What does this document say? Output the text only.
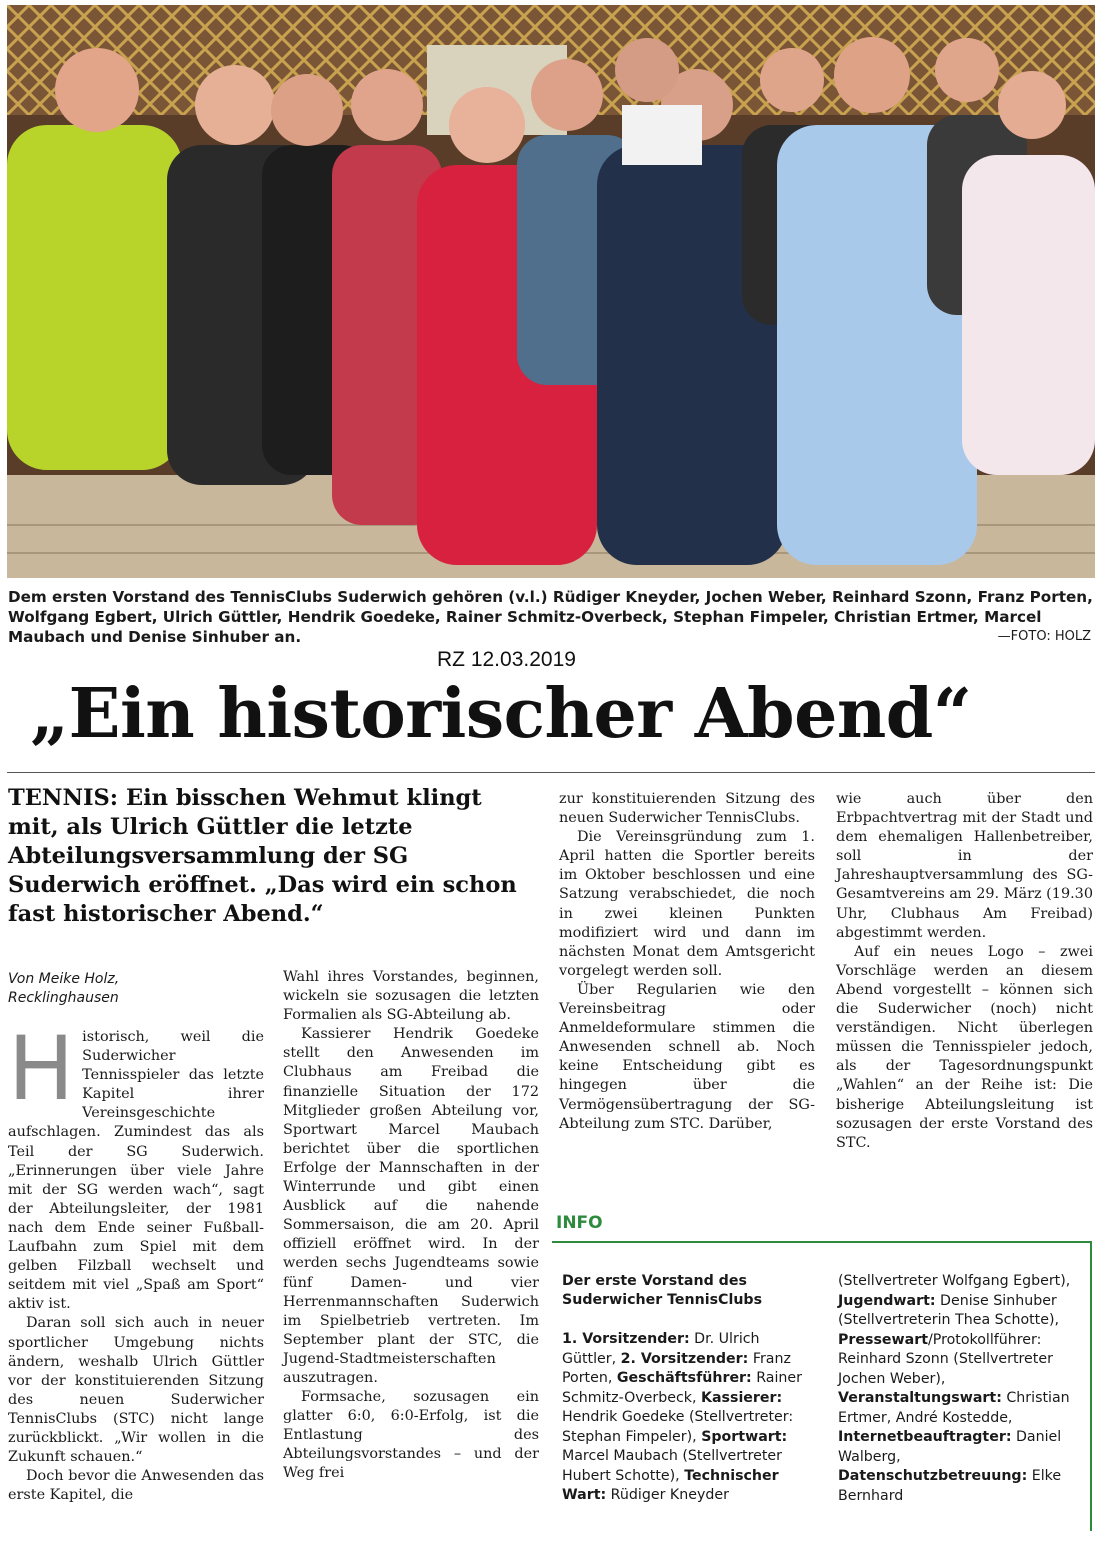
Dem ersten Vorstand des TennisClubs Suderwich gehören (v.l.) Rüdiger Kneyder, Jochen Weber, Reinhard Szonn, Franz Porten, Wolfgang Egbert, Ulrich Güttler, Hendrik Goedeke, Rainer Schmitz-Overbeck, Stephan Fimpeler, Christian Ertmer, Marcel Maubach und Denise Sinhuber an.	—FOTO: HOLZ
RZ 12.03.2019
„Ein historischer Abend“
TENNIS: Ein bisschen Wehmut klingt mit, als Ulrich Güttler die letzte Abteilungsversammlung der SG Suderwich eröffnet. „Das wird ein schon fast historischer Abend.“
Von Meike Holz,
Recklinghausen

Historisch, weil die Suderwicher Tennisspieler das letzte Kapitel ihrer Vereinsgeschichte aufschlagen. Zumindest das als Teil der SG Suderwich. „Erinnerungen über viele Jahre mit der SG werden wach“, sagt der Abteilungsleiter, der 1981 nach dem Ende seiner Fußball-Laufbahn zum Spiel mit dem gelben Filzball wechselt und seitdem mit viel „Spaß am Sport“ aktiv ist.

Daran soll sich auch in neuer sportlicher Umgebung nichts ändern, weshalb Ulrich Güttler vor der konstituierenden Sitzung des neuen Suderwicher TennisClubs (STC) nicht lange zurückblickt. „Wir wollen in die Zukunft schauen.“

Doch bevor die Anwesenden das erste Kapitel, die

Wahl ihres Vorstandes, beginnen, wickeln sie sozusagen die letzten Formalien als SG-Abteilung ab.

Kassierer Hendrik Goedeke stellt den Anwesenden im Clubhaus am Freibad die finanzielle Situation der 172 Mitglieder großen Abteilung vor, Sportwart Marcel Maubach berichtet über die sportlichen Erfolge der Mannschaften in der Winterrunde und gibt einen Ausblick auf die nahende Sommersaison, die am 20. April offiziell eröffnet wird. In der werden sechs Jugendteams sowie fünf Damen- und vier Herrenmannschaften Suderwich im Spielbetrieb vertreten. Im September plant der STC, die Jugend-Stadtmeisterschaften auszutragen.

Formsache, sozusagen ein glatter 6:0, 6:0-Erfolg, ist die Entlastung des Abteilungsvorstandes – und der Weg frei

zur konstituierenden Sitzung des neuen Suderwicher TennisClubs.

Die Vereinsgründung zum 1. April hatten die Sportler bereits im Oktober beschlossen und eine Satzung verabschiedet, die noch in zwei kleinen Punkten modifiziert wird und dann im nächsten Monat dem Amtsgericht vorgelegt werden soll.

Über Regularien wie den Vereinsbeitrag oder Anmeldeformulare stimmen die Anwesenden schnell ab. Noch keine Entscheidung gibt es hingegen über die Vermögensübertragung der SG-Abteilung zum STC. Darüber,

wie auch über den Erbpachtvertrag mit der Stadt und dem ehemaligen Hallenbetreiber, soll in der Jahreshauptversammlung des SG-Gesamtvereins am 29. März (19.30 Uhr, Clubhaus Am Freibad) abgestimmt werden.

Auf ein neues Logo – zwei Vorschläge werden an diesem Abend vorgestellt – können sich die Suderwicher (noch) nicht verständigen. Nicht überlegen müssen die Tennisspieler jedoch, als der Tagesordnungspunkt „Wahlen“ an der Reihe ist: Die bisherige Abteilungsleitung ist sozusagen der erste Vorstand des STC.

INFO
Der erste Vorstand des Suderwicher TennisClubs
1. Vorsitzender: Dr. Ulrich Güttler, 2. Vorsitzender: Franz Porten, Geschäftsführer: Rainer Schmitz-Overbeck, Kassierer: Hendrik Goedeke (Stellvertreter: Stephan Fimpeler), Sportwart: Marcel Maubach (Stellvertreter Hubert Schotte), Technischer Wart: Rüdiger Kneyder
(Stellvertreter Wolfgang Egbert), Jugendwart: Denise Sinhuber (Stellvertreterin Thea Schotte), Pressewart/Protokollführer: Reinhard Szonn (Stellvertreter Jochen Weber), Veranstaltungswart: Christian Ertmer, André Kostedde, Internetbeauftragter: Daniel Walberg, Datenschutzbetreuung: Elke Bernhard
